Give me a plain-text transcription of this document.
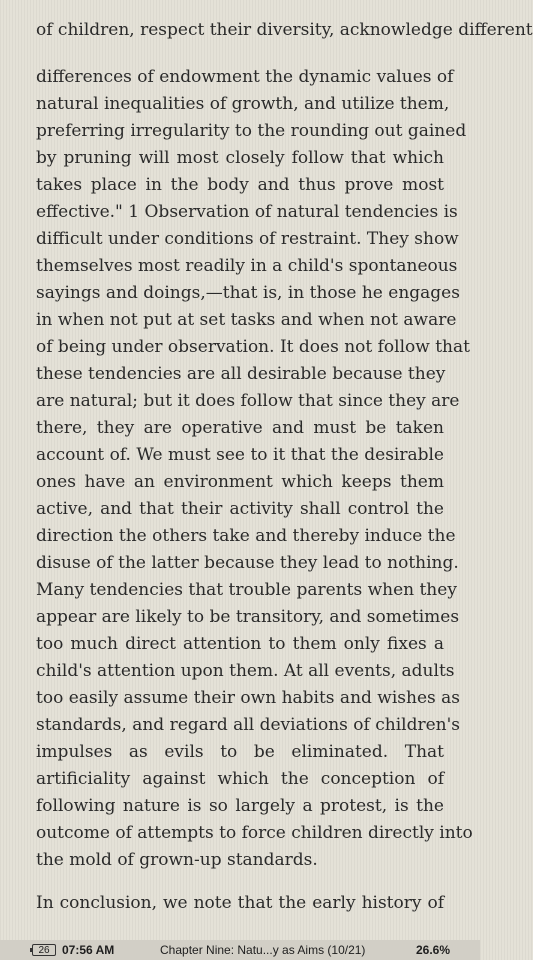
of children, respect their diversity, acknowledge different
differences of endowment the dynamic values of
natural inequalities of growth, and utilize them,
preferring irregularity to the rounding out gained
by pruning will most closely follow that which
takes place in the body and thus prove most
effective." 1 Observation of natural tendencies is
difficult under conditions of restraint. They show
themselves most readily in a child's spontaneous
sayings and doings,—that is, in those he engages
in when not put at set tasks and when not aware
of being under observation. It does not follow that
these tendencies are all desirable because they
are natural; but it does follow that since they are
there, they are operative and must be taken
account of. We must see to it that the desirable
ones have an environment which keeps them
active, and that their activity shall control the
direction the others take and thereby induce the
disuse of the latter because they lead to nothing.
Many tendencies that trouble parents when they
appear are likely to be transitory, and sometimes
too much direct attention to them only fixes a
child's attention upon them. At all events, adults
too easily assume their own habits and wishes as
standards, and regard all deviations of children's
impulses as evils to be eliminated. That
artificiality against which the conception of
following nature is so largely a protest, is the
outcome of attempts to force children directly into
the mold of grown-up standards.
In conclusion, we note that the early history of
26	07:56 AM	Chapter Nine: Natu...y as Aims (10/21)	26.6%
